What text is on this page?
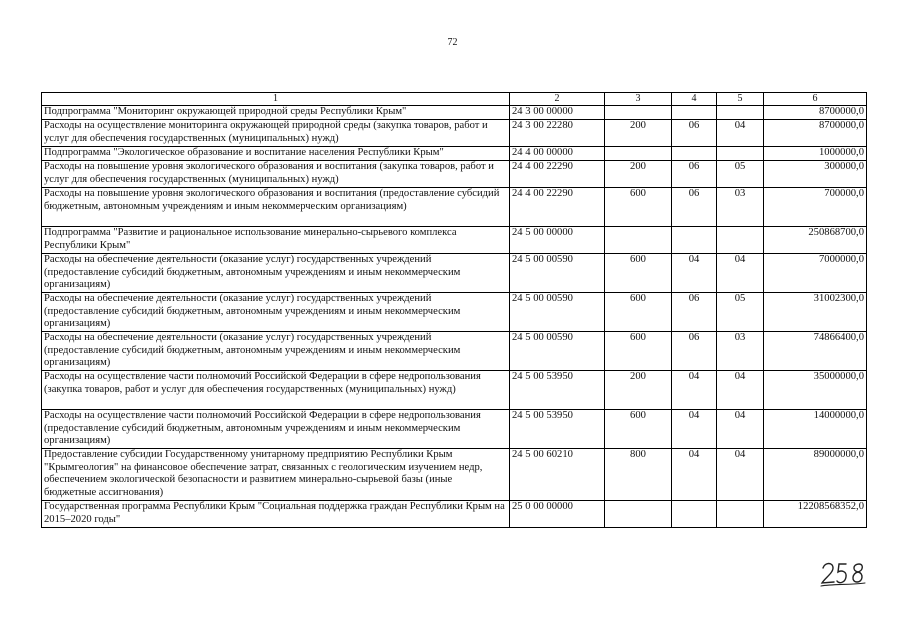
72
1	2	3	4	5	6
Подпрограмма "Мониторинг окружающей природной среды Республики Крым"	24 3 00 00000				8700000,0
Расходы на осуществление мониторинга окружающей природной среды (закупка товаров, работ и услуг для обеспечения государственных (муниципальных) нужд)	24 3 00 22280	200	06	04	8700000,0
Подпрограмма "Экологическое образование и воспитание населения Республики Крым"	24 4 00 00000				1000000,0
Расходы на повышение уровня экологического образования и воспитания (закупка товаров, работ и услуг для обеспечения государственных (муниципальных) нужд)	24 4 00 22290	200	06	05	300000,0
Расходы на повышение уровня экологического образования и воспитания (предоставление субсидий бюджетным, автономным учреждениям и иным некоммерческим организациям)	24 4 00 22290	600	06	03	700000,0
Подпрограмма "Развитие и рациональное использование минерально-сырьевого комплекса Республики Крым"	24 5 00 00000				250868700,0
Расходы на обеспечение деятельности (оказание услуг) государственных учреждений (предоставление субсидий бюджетным, автономным учреждениям и иным некоммерческим организациям)	24 5 00 00590	600	04	04	7000000,0
Расходы на обеспечение деятельности (оказание услуг) государственных учреждений (предоставление субсидий бюджетным, автономным учреждениям и иным некоммерческим организациям)	24 5 00 00590	600	06	05	31002300,0
Расходы на обеспечение деятельности (оказание услуг) государственных учреждений (предоставление субсидий бюджетным, автономным учреждениям и иным некоммерческим организациям)	24 5 00 00590	600	06	03	74866400,0
Расходы на осуществление части полномочий Российской Федерации в сфере недропользования (закупка товаров, работ и услуг для обеспечения государственных (муниципальных) нужд)	24 5 00 53950	200	04	04	35000000,0
Расходы на осуществление части полномочий Российской Федерации в сфере недропользования (предоставление субсидий бюджетным, автономным учреждениям и иным некоммерческим организациям)	24 5 00 53950	600	04	04	14000000,0
Предоставление субсидии Государственному унитарному предприятию Республики Крым "Крымгеология" на финансовое обеспечение затрат, связанных с геологическим изучением недр, обеспечением экологической безопасности и развитием минерально-сырьевой базы (иные бюджетные ассигнования)	24 5 00 60210	800	04	04	89000000,0
Государственная программа Республики Крым "Социальная поддержка граждан Республики Крым на 2015–2020 годы"	25 0 00 00000				12208568352,0
